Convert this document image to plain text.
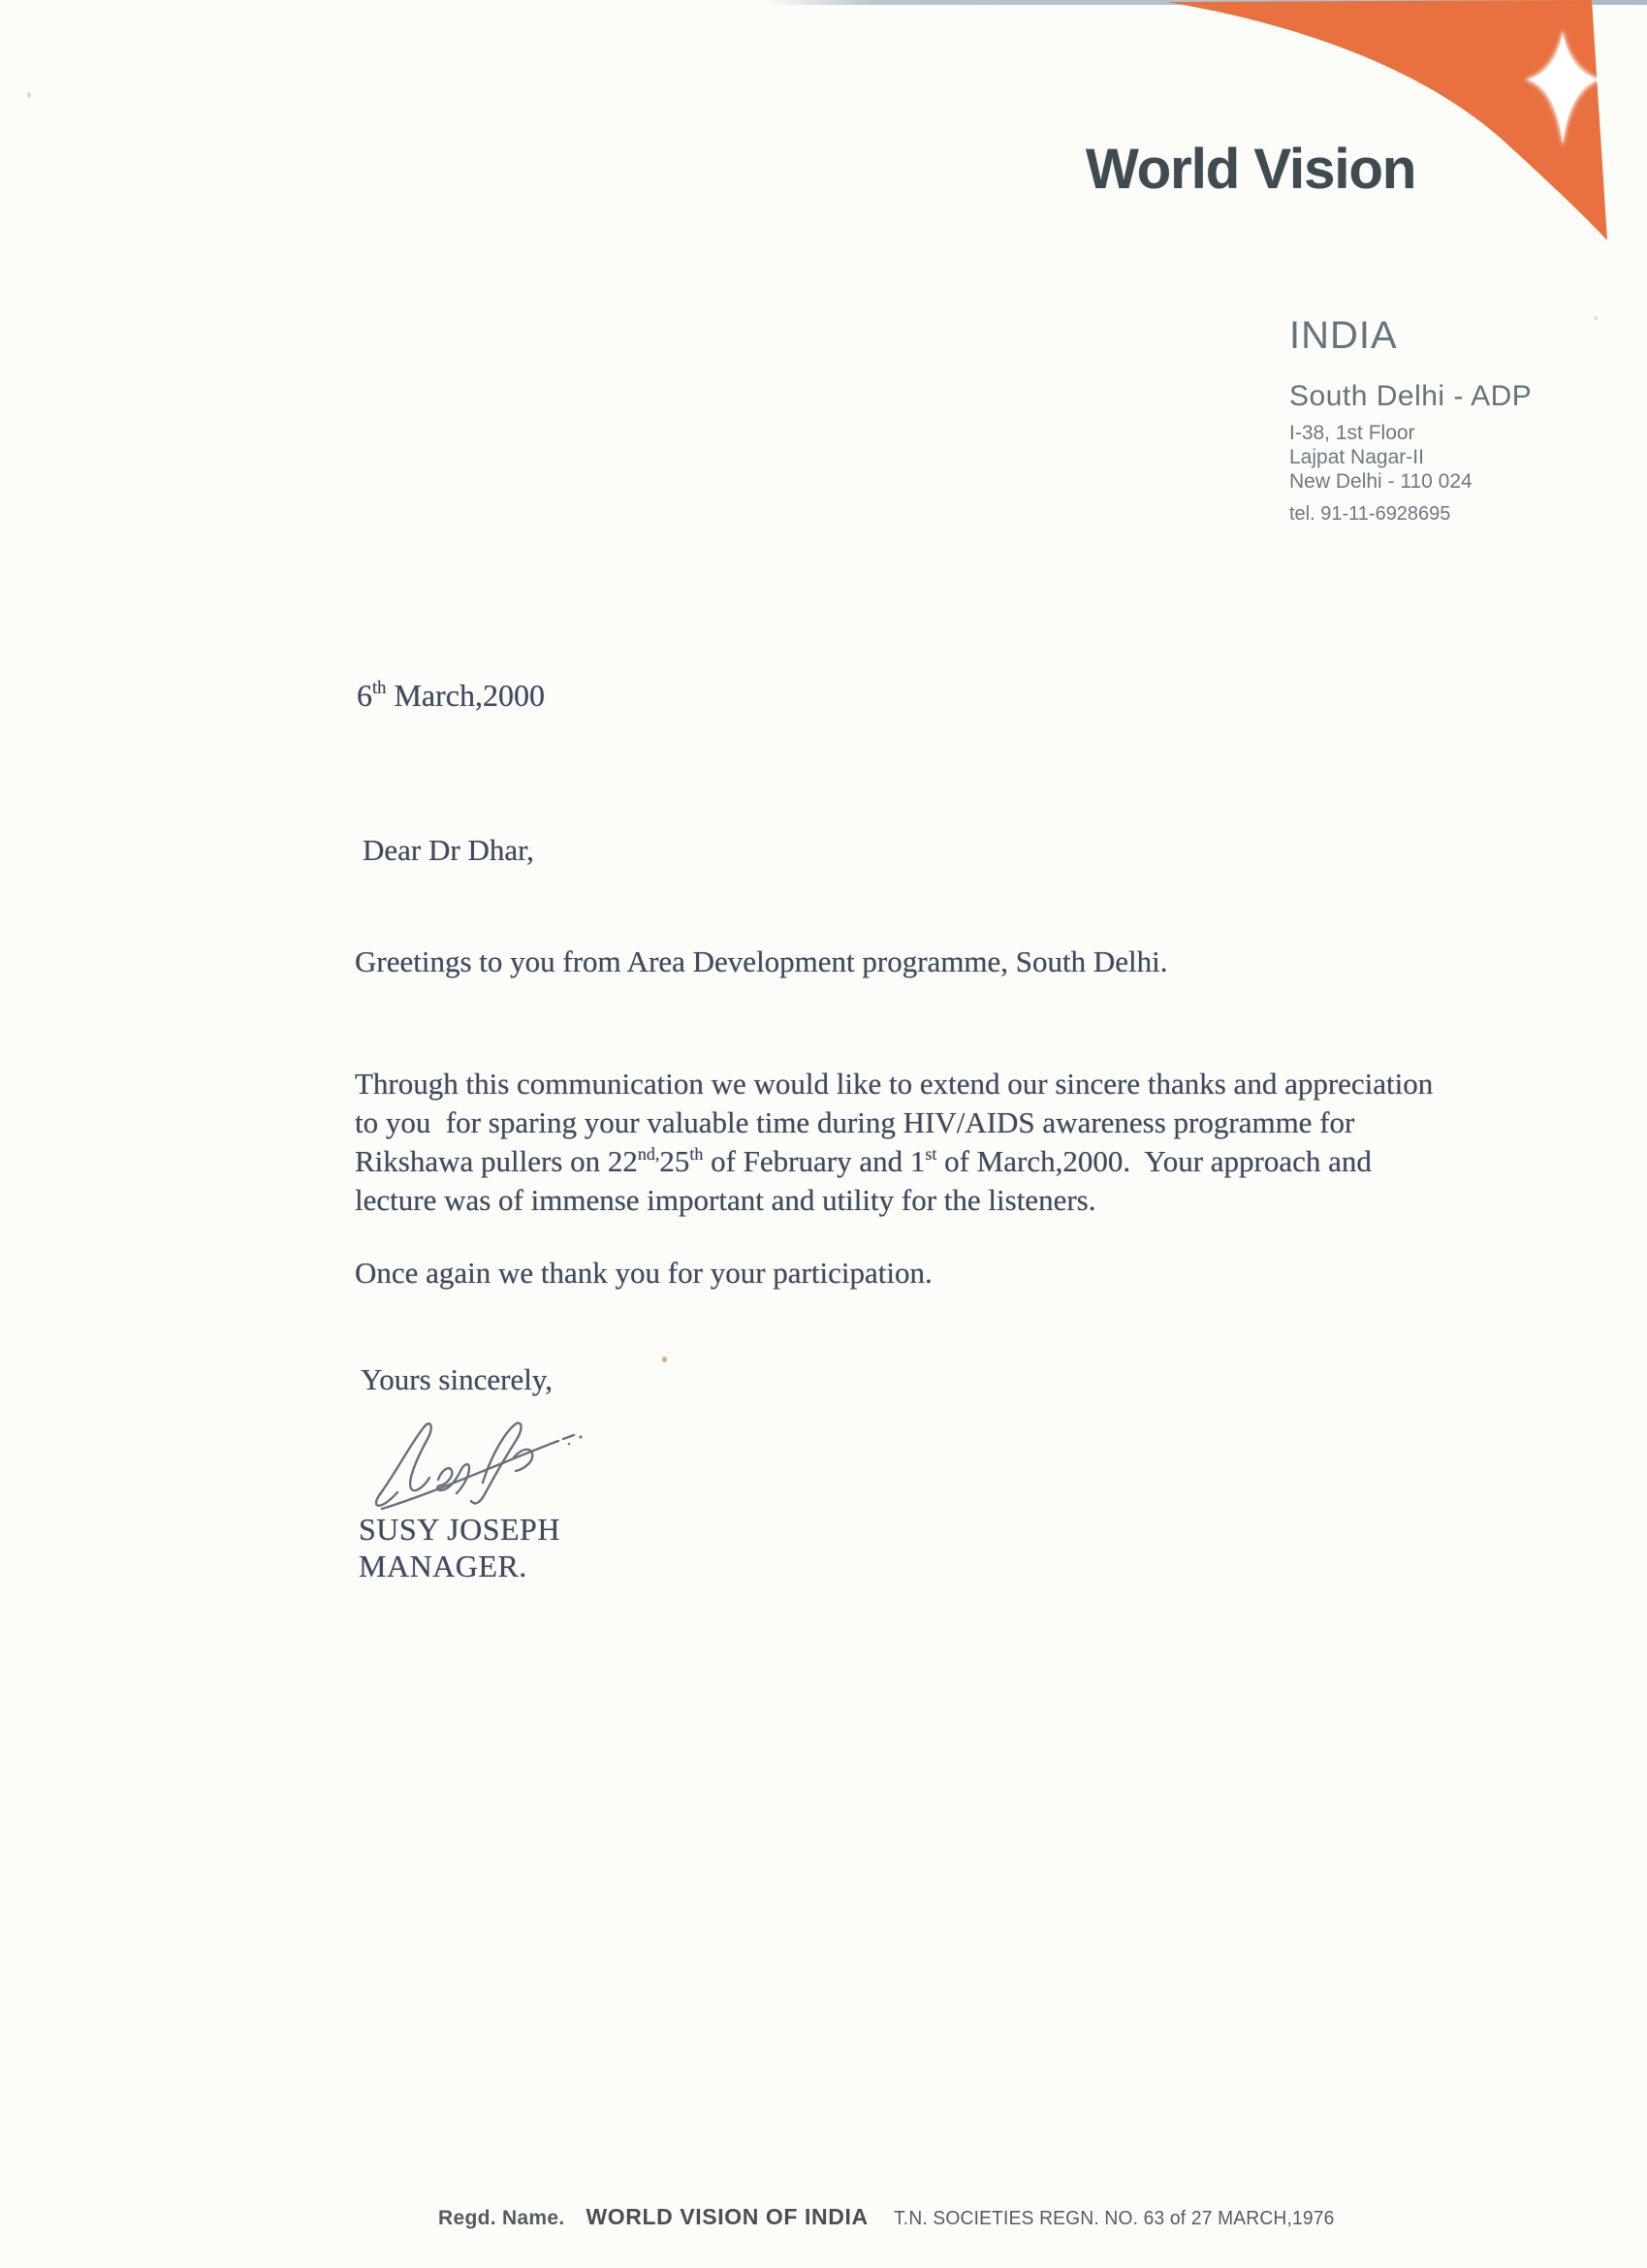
World Vision
INDIA
South Delhi - ADP
I-38, 1st Floor
Lajpat Nagar-II
New Delhi - 110 024
tel. 91-11-6928695
6th March,2000
Dear Dr Dhar,
Greetings to you from Area Development programme, South Delhi.
Through this communication we would like to extend our sincere thanks and appreciation
to you  for sparing your valuable time during HIV/AIDS awareness programme for
Rikshawa pullers on $22^{nd,}25th$ of February and 1st of March,2000.  Your approach and
lecture was of immense important and utility for the listeners.
Once again we thank you for your participation.
Yours sincerely,
SUSY JOSEPH
MANAGER.
Regd. Name. WORLD VISION OF INDIA T.N. SOCIETIES REGN. NO. 63 of 27 MARCH,1976
